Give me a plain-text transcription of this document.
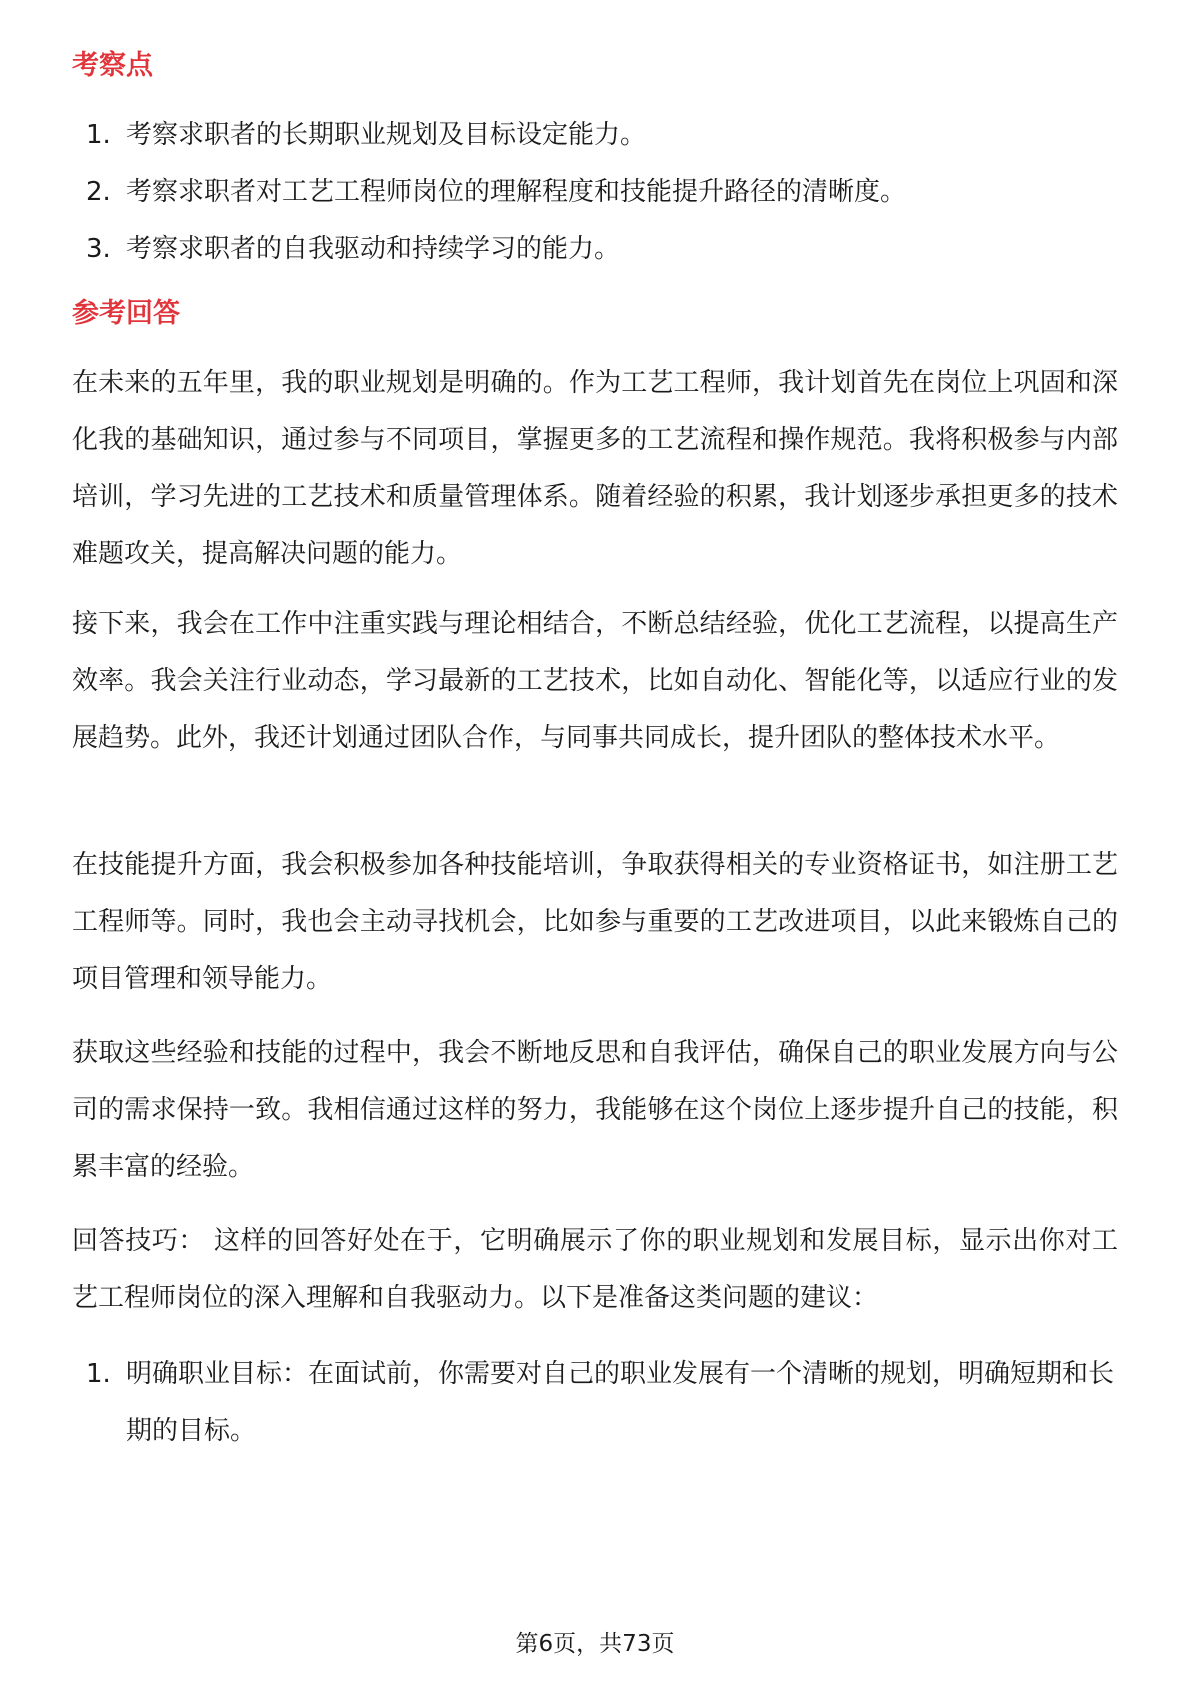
考察点
1. 考察求职者的长期职业规划及目标设定能力。
2. 考察求职者对工艺工程师岗位的理解程度和技能提升路径的清晰度。
3. 考察求职者的自我驱动和持续学习的能力。
参考回答

在未来的五年里，我的职业规划是明确的。作为工艺工程师，我计划首先在岗位上巩固和深化我的基础知识，通过参与不同项目，掌握更多的工艺流程和操作规范。我将积极参与内部培训，学习先进的工艺技术和质量管理体系。随着经验的积累，我计划逐步承担更多的技术难题攻关，提高解决问题的能力。

接下来，我会在工作中注重实践与理论相结合，不断总结经验，优化工艺流程，以提高生产效率。我会关注行业动态，学习最新的工艺技术，比如自动化、智能化等，以适应行业的发展趋势。此外，我还计划通过团队合作，与同事共同成长，提升团队的整体技术水平。

在技能提升方面，我会积极参加各种技能培训，争取获得相关的专业资格证书，如注册工艺工程师等。同时，我也会主动寻找机会，比如参与重要的工艺改进项目，以此来锻炼自己的项目管理和领导能力。

获取这些经验和技能的过程中，我会不断地反思和自我评估，确保自己的职业发展方向与公司的需求保持一致。我相信通过这样的努力，我能够在这个岗位上逐步提升自己的技能，积累丰富的经验。

回答技巧： 这样的回答好处在于，它明确展示了你的职业规划和发展目标，显示出你对工艺工程师岗位的深入理解和自我驱动力。以下是准备这类问题的建议：

1. 明确职业目标：在面试前，你需要对自己的职业发展有一个清晰的规划，明确短期和长期的目标。
第6页，共73页
